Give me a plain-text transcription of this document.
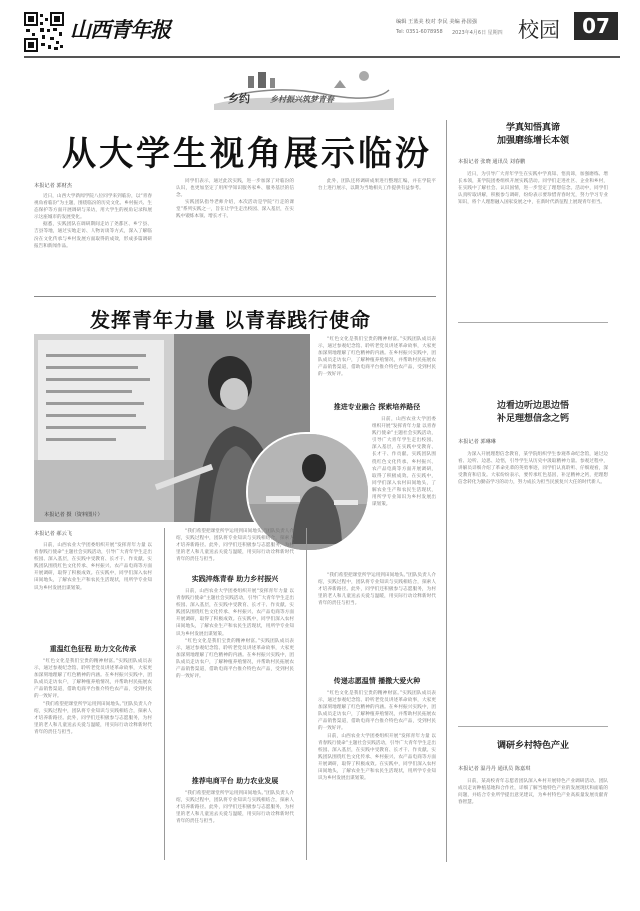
山西青年报	编辑 王蓝美 校对 李民 美编 孙国强
Tel: 0351-6078958 2023年4月6日 星期四 校园	07
乡约	乡村振兴筑梦青春
从大学生视角展示临汾
本报记者 郭财杰

近日，山西大学新闻学院八位同学来到临汾，以“青春视角看临汾”为主题，围绕临汾的历史文化、乡村振兴、生态保护等方面开展调研与采访，用大学生的视角记录和展示这座城市的发展变化。

据悉，实践团队在调研期间走访了尧都区、乡宁县、吉县等地，通过实地走访、人物访谈等方式，深入了解临汾在文化传承与乡村发展方面取得的成效，形成多篇调研报告和新闻作品。

同学们表示，通过此次实践，进一步加深了对临汾的认识，也更加坚定了用所学知识服务家乡、服务基层的信念。

实践团队指导老师介绍，本次活动是学院“行走的课堂”系列实践之一，旨在让学生走出校园、深入基层，在实践中锻炼本领、增长才干。

此外，团队还将调研成果进行整理汇编，并在学院平台上进行展示，以期为当地相关工作提供有益参考。

发挥青年力量 以青春践行使命
本报记者 摄（资料图片）
本报记者 郝云飞

日前，山西农业大学团委组织开展“发挥青年力量 以青春践行使命”主题社会实践活动，引导广大青年学生走出校园、深入基层，在实践中受教育、长才干、作贡献。实践团队围绕红色文化传承、乡村振兴、农产品电商等方面开展调研，取得了积极成效。在实践中，同学们深入农村田间地头，了解农业生产和农民生活现状，用所学专业知识为乡村发展出谋划策。

重温红色征程 助力文化传承

“红色文化是我们宝贵的精神财富。”实践团队成员表示，通过参观纪念馆、聆听老党员讲述革命故事，大家更加深刻地理解了红色精神的内涵。在乡村振兴实践中，团队成员走访农户，了解种植养殖情况，并帮助村民拓展农产品销售渠道，借助电商平台推介特色农产品，受到村民的一致好评。

“我们希望把课堂所学运用到田间地头。”团队负责人介绍，实践过程中，团队将专业知识与实践相结合，探索人才培养新路径。此外，同学们还积极参与志愿服务，为村里的老人和儿童送去关爱与温暖，用实际行动诠释新时代青年的责任与担当。

“我们希望把课堂所学运用到田间地头。”团队负责人介绍，实践过程中，团队将专业知识与实践相结合，探索人才培养新路径。此外，同学们还积极参与志愿服务，为村里的老人和儿童送去关爱与温暖，用实际行动诠释新时代青年的责任与担当。

实践淬炼青春 助力乡村振兴

日前，山西农业大学团委组织开展“发挥青年力量 以青春践行使命”主题社会实践活动，引导广大青年学生走出校园、深入基层，在实践中受教育、长才干、作贡献。实践团队围绕红色文化传承、乡村振兴、农产品电商等方面开展调研，取得了积极成效。在实践中，同学们深入农村田间地头，了解农业生产和农民生活现状，用所学专业知识为乡村发展出谋划策。

“红色文化是我们宝贵的精神财富。”实践团队成员表示，通过参观纪念馆、聆听老党员讲述革命故事，大家更加深刻地理解了红色精神的内涵。在乡村振兴实践中，团队成员走访农户，了解种植养殖情况，并帮助村民拓展农产品销售渠道，借助电商平台推介特色农产品，受到村民的一致好评。

推荐电商平台 助力农业发展

“我们希望把课堂所学运用到田间地头。”团队负责人介绍，实践过程中，团队将专业知识与实践相结合，探索人才培养新路径。此外，同学们还积极参与志愿服务，为村里的老人和儿童送去关爱与温暖，用实际行动诠释新时代青年的责任与担当。

“红色文化是我们宝贵的精神财富。”实践团队成员表示，通过参观纪念馆、聆听老党员讲述革命故事，大家更加深刻地理解了红色精神的内涵。在乡村振兴实践中，团队成员走访农户，了解种植养殖情况，并帮助村民拓展农产品销售渠道，借助电商平台推介特色农产品，受到村民的一致好评。

推进专业融合 探索培养路径

日前，山西农业大学团委组织开展“发挥青年力量 以青春践行使命”主题社会实践活动，引导广大青年学生走出校园、深入基层，在实践中受教育、长才干、作贡献。实践团队围绕红色文化传承、乡村振兴、农产品电商等方面开展调研，取得了积极成效。在实践中，同学们深入农村田间地头，了解农业生产和农民生活现状，用所学专业知识为乡村发展出谋划策。

“我们希望把课堂所学运用到田间地头。”团队负责人介绍，实践过程中，团队将专业知识与实践相结合，探索人才培养新路径。此外，同学们还积极参与志愿服务，为村里的老人和儿童送去关爱与温暖，用实际行动诠释新时代青年的责任与担当。

传递志愿温情 播撒大爱火种

“红色文化是我们宝贵的精神财富。”实践团队成员表示，通过参观纪念馆、聆听老党员讲述革命故事，大家更加深刻地理解了红色精神的内涵。在乡村振兴实践中，团队成员走访农户，了解种植养殖情况，并帮助村民拓展农产品销售渠道，借助电商平台推介特色农产品，受到村民的一致好评。

日前，山西农业大学团委组织开展“发挥青年力量 以青春践行使命”主题社会实践活动，引导广大青年学生走出校园、深入基层，在实践中受教育、长才干、作贡献。实践团队围绕红色文化传承、乡村振兴、农产品电商等方面开展调研，取得了积极成效。在实践中，同学们深入农村田间地头，了解农业生产和农民生活现状，用所学专业知识为乡村发展出谋划策。

学真知悟真谛
加强磨练增长本领
本报记者 张晓 通讯员 刘春鹏

近日，为引导广大青年学生在实践中学真知、悟真谛，加强磨练、增长本领，某学院团委组织开展实践活动。同学们走进社区、企业和乡村，在实践中了解社会、认识国情，进一步坚定了理想信念。活动中，同学们认真听取讲解，积极参与调研，纷纷表示要珍惜青春时光，努力学习专业知识，将个人理想融入国家发展之中，在新时代新征程上展现青年担当。

边看边听边思边悟
补足理想信念之钙
本报记者 郭琳琳

为深入开展理想信念教育，某学院组织学生参观革命纪念馆，通过边看、边听、边思、边悟，引导学生从历史中汲取精神力量。参观过程中，讲解员详细介绍了革命先辈的英勇事迹，同学们认真聆听、仔细观看，深受教育和启发。大家纷纷表示，要传承红色基因，补足精神之钙，把理想信念转化为勤奋学习的动力，努力成长为担当民族复兴大任的时代新人。

调研乡村特色产业
本报记者 温丹丹 通讯员 陈嘉琪

日前，某高校青年志愿者团队深入乡村开展特色产业调研活动。团队成员走访种植基地和合作社，详细了解当地特色产业的发展现状和面临的问题，并结合专业所学提出意见建议，为乡村特色产业高质量发展贡献青春智慧。
